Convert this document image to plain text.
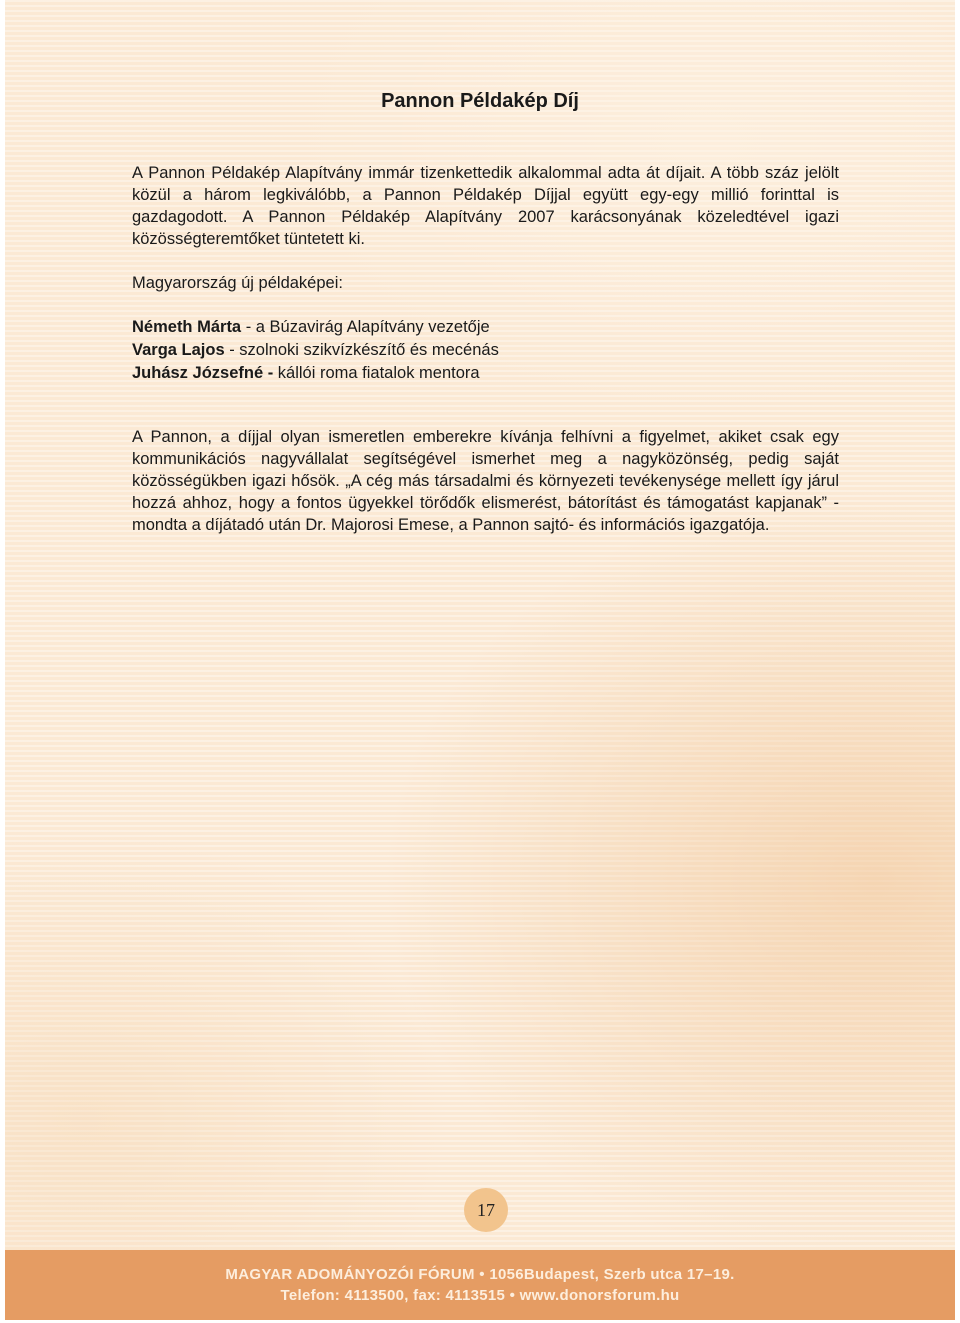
Pannon Példakép Díj

A Pannon Példakép Alapítvány immár tizenkettedik alkalommal adta át díjait. A több száz jelölt közül a három legkiválóbb, a Pannon Példakép Díjjal együtt egy-egy millió forinttal is gazdagodott. A Pannon Példakép Alapítvány 2007 karácsonyának közeledtével igazi közösségteremtőket tüntetett ki.

Magyarország új példaképei:

Németh Márta - a Búzavirág Alapítvány vezetője
Varga Lajos - szolnoki szikvízkészítő és mecénás
Juhász Józsefné - kállói roma fiatalok mentora

A Pannon, a díjjal olyan ismeretlen emberekre kívánja felhívni a figyelmet, akiket csak egy kommunikációs nagyvállalat segítségével ismerhet meg a nagyközönség, pedig saját közösségükben igazi hősök. „A cég más társadalmi és környezeti tevékenysége mellett így járul hozzá ahhoz, hogy a fontos ügyekkel törődők elismerést, bátorítást és támogatást kapjanak” - mondta a díjátadó után Dr. Majorosi Emese, a Pannon sajtó- és információs igazgatója.

17
MAGYAR ADOMÁNYOZÓI FÓRUM • 1056Budapest, Szerb utca 17–19.
Telefon: 4113500, fax: 4113515 • www.donorsforum.hu
